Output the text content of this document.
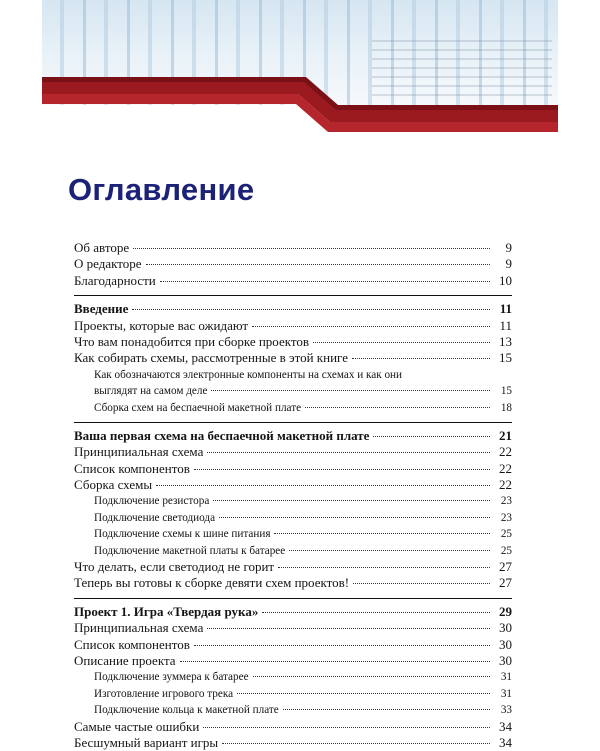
Оглавление
Об авторе	9
О редакторе	9
Благодарности	10
Введение	11
Проекты, которые вас ожидают	11
Что вам понадобится при сборке проектов	13
Как собирать схемы, рассмотренные в этой книге	15
Как обозначаются электронные компоненты на схемах и как они
выглядят на самом деле	15
Сборка схем на беспаечной макетной плате	18
Ваша первая схема на беспаечной макетной плате	21
Принципиальная схема	22
Список компонентов	22
Сборка схемы	22
Подключение резистора	23
Подключение светодиода	23
Подключение схемы к шине питания	25
Подключение макетной платы к батарее	25
Что делать, если светодиод не горит	27
Теперь вы готовы к сборке девяти схем проектов!	27
Проект 1. Игра «Твердая рука»	29
Принципиальная схема	30
Список компонентов	30
Описание проекта	30
Подключение зуммера к батарее	31
Изготовление игрового трека	31
Подключение кольца к макетной плате	33
Самые частые ошибки	34
Бесшумный вариант игры	34
